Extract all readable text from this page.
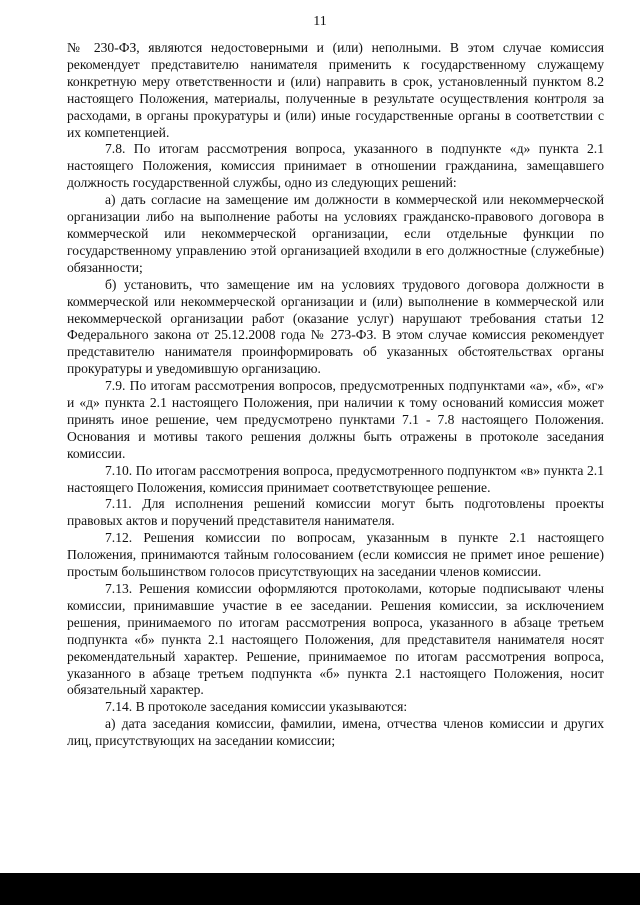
11

№ 230-ФЗ, являются недостоверными и (или) неполными. В этом случае комиссия рекомендует представителю нанимателя применить к государственному служащему конкретную меру ответственности и (или) направить в срок, установленный пунктом 8.2 настоящего Положения, материалы, полученные в результате осуществления контроля за расходами, в органы прокуратуры и (или) иные государственные органы в соответствии с их компетенцией.

7.8. По итогам рассмотрения вопроса, указанного в подпункте «д» пункта 2.1 настоящего Положения, комиссия принимает в отношении гражданина, замещавшего должность государственной службы, одно из следующих решений:

а) дать согласие на замещение им должности в коммерческой или некоммерческой организации либо на выполнение работы на условиях гражданско-правового договора в коммерческой или некоммерческой организации, если отдельные функции по государственному управлению этой организацией входили в его должностные (служебные) обязанности;

б) установить, что замещение им на условиях трудового договора должности в коммерческой или некоммерческой организации и (или) выполнение в коммерческой или некоммерческой организации работ (оказание услуг) нарушают требования статьи 12 Федерального закона от 25.12.2008 года № 273-ФЗ. В этом случае комиссия рекомендует представителю нанимателя проинформировать об указанных обстоятельствах органы прокуратуры и уведомившую организацию.

7.9. По итогам рассмотрения вопросов, предусмотренных подпунктами «а», «б», «г» и «д» пункта 2.1 настоящего Положения, при наличии к тому оснований комиссия может принять иное решение, чем предусмотрено пунктами 7.1 - 7.8 настоящего Положения. Основания и мотивы такого решения должны быть отражены в протоколе заседания комиссии.

7.10. По итогам рассмотрения вопроса, предусмотренного подпунктом «в» пункта 2.1 настоящего Положения, комиссия принимает соответствующее решение.

7.11. Для исполнения решений комиссии могут быть подготовлены проекты правовых актов и поручений представителя нанимателя.

7.12. Решения комиссии по вопросам, указанным в пункте 2.1 настоящего Положения, принимаются тайным голосованием (если комиссия не примет иное решение) простым большинством голосов присутствующих на заседании членов комиссии.

7.13. Решения комиссии оформляются протоколами, которые подписывают члены комиссии, принимавшие участие в ее заседании. Решения комиссии, за исключением решения, принимаемого по итогам рассмотрения вопроса, указанного в абзаце третьем подпункта «б» пункта 2.1 настоящего Положения, для представителя нанимателя носят рекомендательный характер. Решение, принимаемое по итогам рассмотрения вопроса, указанного в абзаце третьем подпункта «б» пункта 2.1 настоящего Положения, носит обязательный характер.

7.14. В протоколе заседания комиссии указываются:

а) дата заседания комиссии, фамилии, имена, отчества членов комиссии и других лиц, присутствующих на заседании комиссии;
